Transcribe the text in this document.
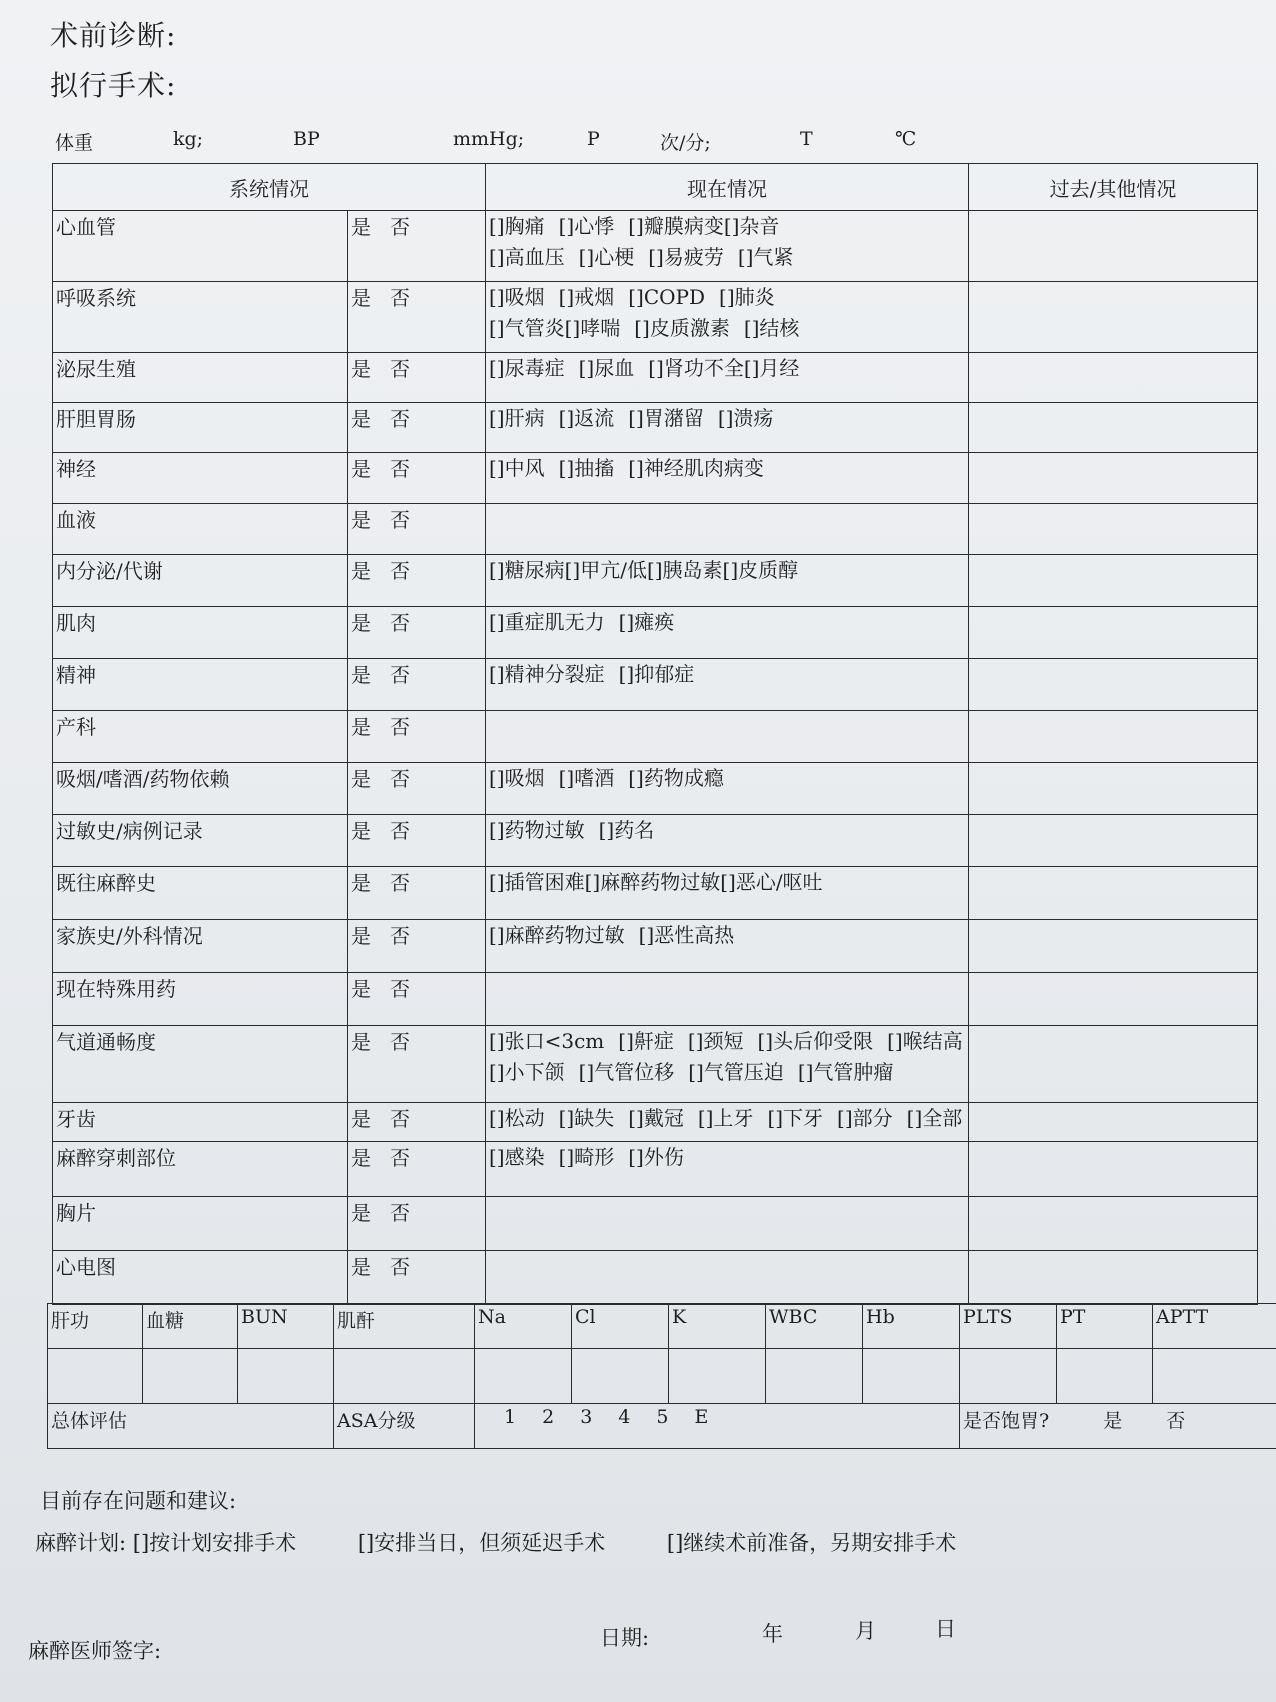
术前诊断:
拟行手术:
体重	kg;	BP	mmHg;	P	次/分;	T	℃
系统情况		现在情况	过去/其他情况
心血管	是 否	[]胸痛 []心悸 []瓣膜病变[]杂音
[]高血压 []心梗 []易疲劳 []气紧	

呼吸系统	是 否	[]吸烟 []戒烟 []COPD []肺炎
[]气管炎[]哮喘 []皮质激素 []结核	

泌尿生殖	是 否	[]尿毒症 []尿血 []肾功不全[]月经	

肝胆胃肠	是 否	[]肝病 []返流 []胃潴留 []溃疡	

神经	是 否	[]中风 []抽搐 []神经肌肉病变	

血液	是 否		
内分泌/代谢	是 否	[]糖尿病[]甲亢/低[]胰岛素[]皮质醇	

肌肉	是 否	[]重症肌无力 []瘫痪	

精神	是 否	[]精神分裂症 []抑郁症	

产科	是 否		
吸烟/嗜酒/药物依赖	是 否	[]吸烟 []嗜酒 []药物成瘾	

过敏史/病例记录	是 否	[]药物过敏 []药名	

既往麻醉史	是 否	[]插管困难[]麻醉药物过敏[]恶心/呕吐	

家族史/外科情况	是 否	[]麻醉药物过敏 []恶性高热	

现在特殊用药	是 否		
气道通畅度	是 否	[]张口<3cm []鼾症 []颈短 []头后仰受限 []喉结高
[]小下颌 []气管位移 []气管压迫 []气管肿瘤	

牙齿	是 否	[]松动 []缺失 []戴冠 []上牙 []下牙 []部分 []全部	

麻醉穿刺部位	是 否	[]感染 []畸形 []外伤	

胸片	是 否		
心电图	是 否		
肝功	血糖	BUN	肌酐	Na	Cl	K	WBC	Hb	PLTS	PT	APTT

总体评估			ASA分级	1 2 3 4 5 E					是否饱胃? 是 否		
目前存在问题和建议:
麻醉计划: []按计划安排手术	[]安排当日，但须延迟手术	[]继续术前准备，另期安排手术
麻醉医师签字:
日期:	年	月	日
